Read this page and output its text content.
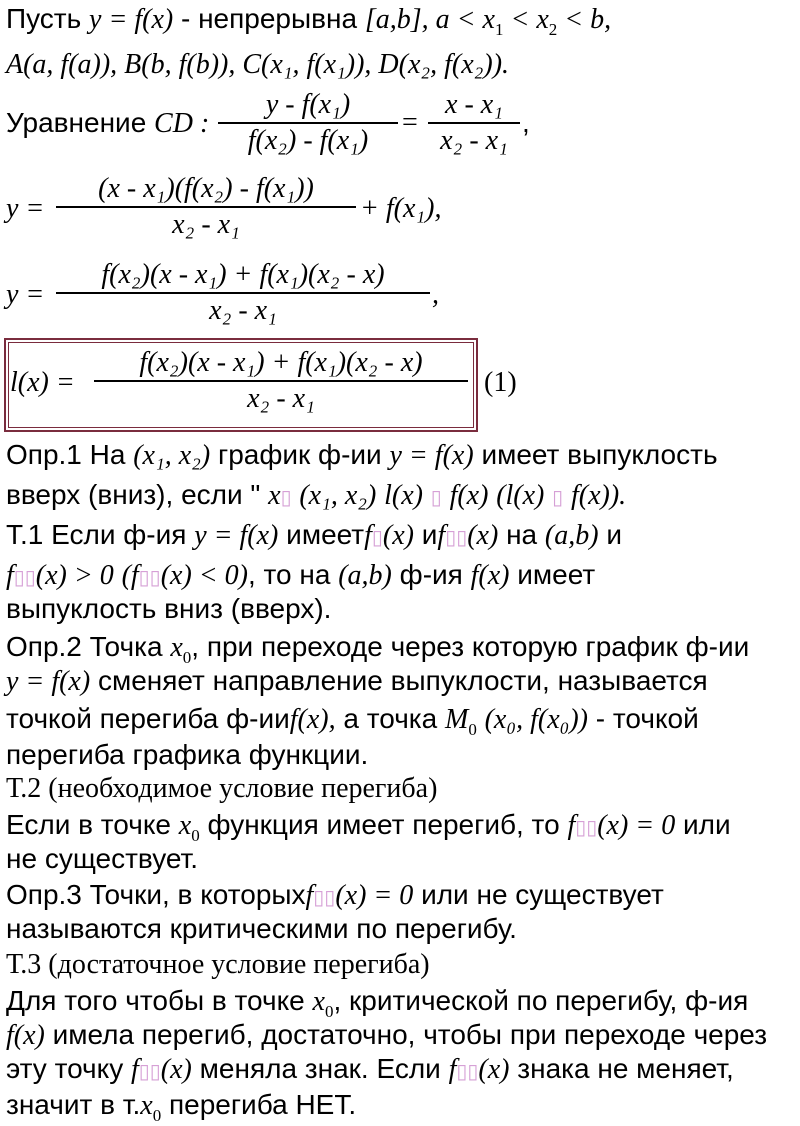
Пусть y = f(x) - непрерывна [a,b], $a < x_1 < x_2 < b$,
A(a, f(a)), B(b, f(b)), C(x₁, f(x₁)), D(x₂, f(x₂)).
Уравнение CD :
y - f(x₁)
f(x₂) - f(x₁)
=
x - x₁
x₂ - x₁
,
y =
(x - x₁)(f(x₂) - f(x₁))
x₂ - x₁	+ f(x₁),
y =
f(x₂)(x - x₁) + f(x₁)(x₂ - x)
x₂ - x₁	,
l(x) =
f(x₂)(x - x₁) + f(x₁)(x₂ - x)
x₂ - x₁	(1)
Опр.1 На (x₁, x₂) график ф-ии y = f(x) имеет выпуклость
вверх (вниз), если " x▯ (x₁, x₂) l(x) ▯ f(x) (l(x) ▯ f(x)).
Т.1 Если ф-ия y = f(x) имеетf▯(x) иf▯▯(x) на (a,b) и
f▯▯(x) > 0 (f▯▯(x) < 0), то на (a,b) ф-ия f(x) имеет
выпуклость вниз (вверх).
Опр.2 Точка $x_0$, при переходе через которую график ф-ии
y = f(x) сменяет направление выпуклости, называется
точкой перегиба ф-ииf(x), а точка $M_0$ (x₀, f(x₀)) - точкой
перегиба графика функции.
Т.2 (необходимое условие перегиба)
Если в точке $x_0$ функция имеет перегиб, то f▯▯(x) = 0 или
не существует.
Опр.3 Точки, в которыхf▯▯(x) = 0 или не существует
называются критическими по перегибу.
Т.3 (достаточное условие перегиба)
Для того чтобы в точке $x_0$, критической по перегибу, ф-ия
f(x) имела перегиб, достаточно, чтобы при переходе через
эту точку f▯▯(x) меняла знак. Если f▯▯(x) знака не меняет,
значит в $т.x_0$ перегиба НЕТ.
